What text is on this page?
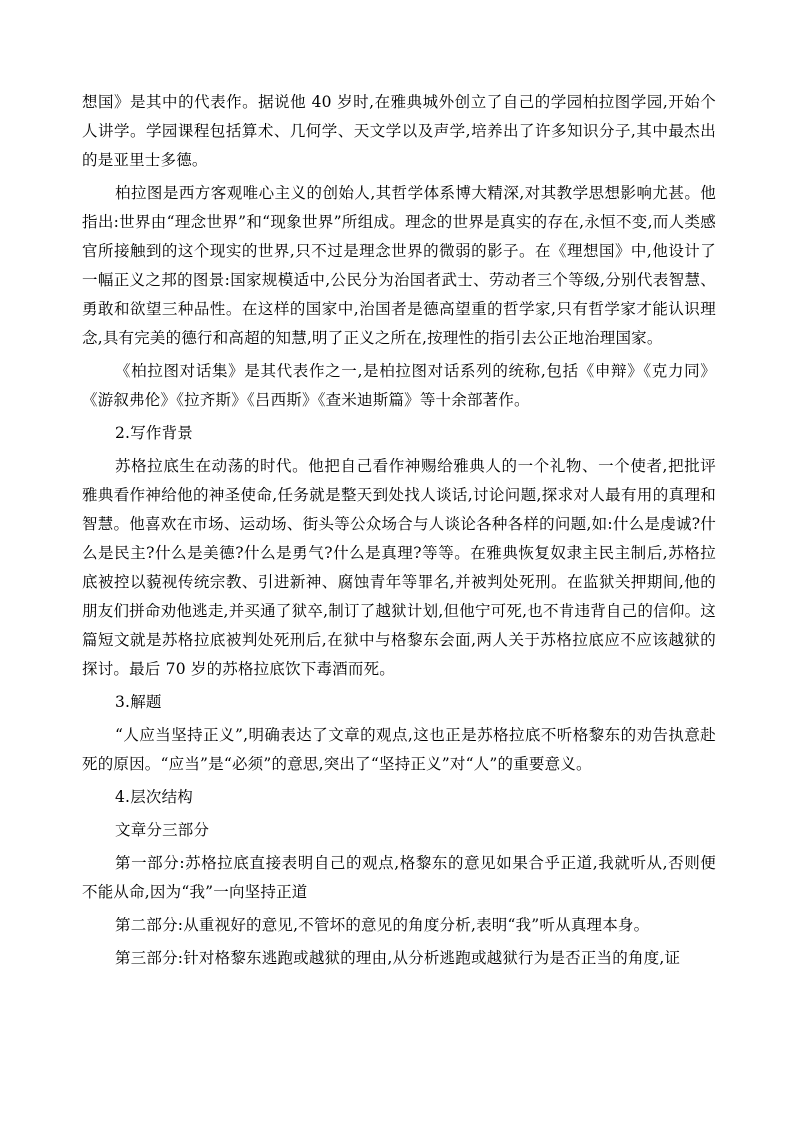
想国》是其中的代表作。据说他 40 岁时,在雅典城外创立了自己的学园柏拉图学园,开始个人讲学。学园课程包括算术、几何学、天文学以及声学,培养出了许多知识分子,其中最杰出的是亚里士多德。

柏拉图是西方客观唯心主义的创始人,其哲学体系博大精深,对其教学思想影响尤甚。他指出:世界由“理念世界”和“现象世界”所组成。理念的世界是真实的存在,永恒不变,而人类感官所接触到的这个现实的世界,只不过是理念世界的微弱的影子。在《理想国》中,他设计了一幅正义之邦的图景:国家规模适中,公民分为治国者武士、劳动者三个等级,分别代表智慧、勇敢和欲望三种品性。在这样的国家中,治国者是德高望重的哲学家,只有哲学家才能认识理念,具有完美的德行和高超的知慧,明了正义之所在,按理性的指引去公正地治理国家。

《柏拉图对话集》是其代表作之一,是柏拉图对话系列的统称,包括《申辩》《克力同》《游叙弗伦》《拉齐斯》《吕西斯》《查米迪斯篇》等十余部著作。

2.写作背景

苏格拉底生在动荡的时代。他把自己看作神赐给雅典人的一个礼物、一个使者,把批评雅典看作神给他的神圣使命,任务就是整天到处找人谈话,讨论问题,探求对人最有用的真理和智慧。他喜欢在市场、运动场、街头等公众场合与人谈论各种各样的问题,如:什么是虔诚?什么是民主?什么是美德?什么是勇气?什么是真理?等等。在雅典恢复奴隶主民主制后,苏格拉底被控以藐视传统宗教、引进新神、腐蚀青年等罪名,并被判处死刑。在监狱关押期间,他的朋友们拼命劝他逃走,并买通了狱卒,制订了越狱计划,但他宁可死,也不肯违背自己的信仰。这篇短文就是苏格拉底被判处死刑后,在狱中与格黎东会面,两人关于苏格拉底应不应该越狱的探讨。最后 70 岁的苏格拉底饮下毒酒而死。

3.解题

“人应当坚持正义”,明确表达了文章的观点,这也正是苏格拉底不听格黎东的劝告执意赴死的原因。“应当”是“必须”的意思,突出了“坚持正义”对“人”的重要意义。

4.层次结构

文章分三部分

第一部分:苏格拉底直接表明自己的观点,格黎东的意见如果合乎正道,我就听从,否则便不能从命,因为“我”一向坚持正道

第二部分:从重视好的意见,不管坏的意见的角度分析,表明“我”听从真理本身。

第三部分:针对格黎东逃跑或越狱的理由,从分析逃跑或越狱行为是否正当的角度,证
